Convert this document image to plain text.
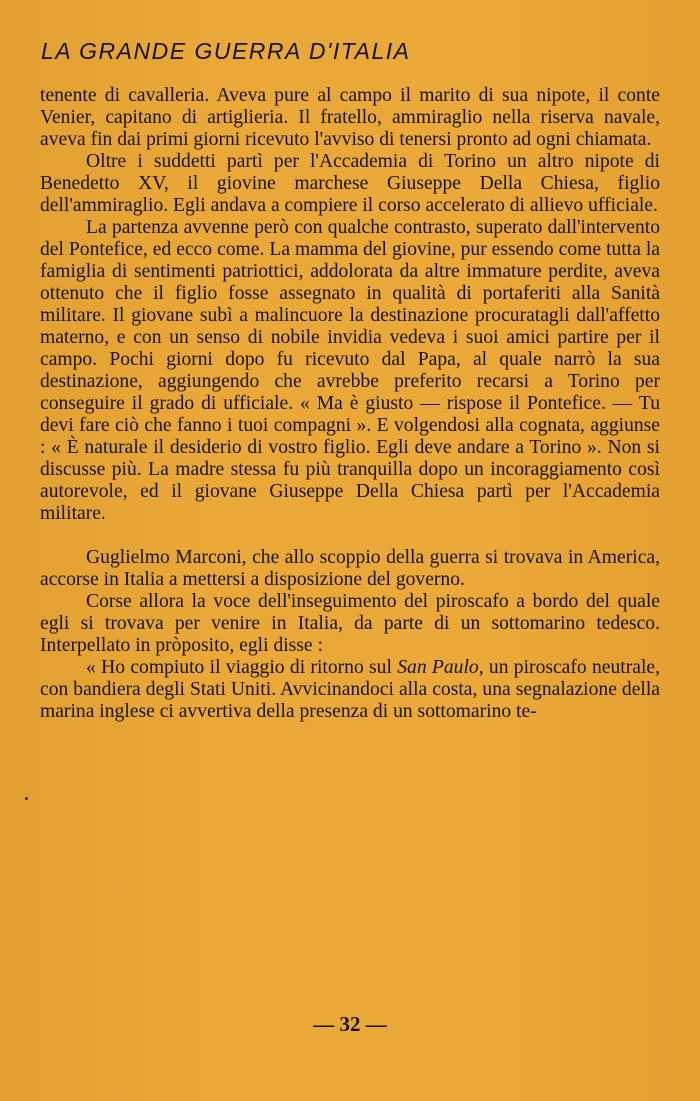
LA GRANDE GUERRA D'ITALIA

tenente di cavalleria. Aveva pure al campo il marito di sua nipote, il conte Venier, capitano di artiglieria. Il fratello, ammiraglio nella riserva navale, aveva fin dai primi giorni ricevuto l'avviso di tenersi pronto ad ogni chiamata.

Oltre i suddetti partì per l'Accademia di Torino un altro nipote di Benedetto XV, il giovine marchese Giuseppe Della Chiesa, figlio dell'ammiraglio. Egli andava a compiere il corso accelerato di allievo ufficiale.

La partenza avvenne però con qualche contrasto, superato dall'intervento del Pontefice, ed ecco come. La mamma del giovine, pur essendo come tutta la famiglia di sentimenti patriottici, addolorata da altre immature perdite, aveva ottenuto che il figlio fosse assegnato in qualità di portaferiti alla Sanità militare. Il giovane subì a malincuore la destinazione procuratagli dall'affetto materno, e con un senso di nobile invidia vedeva i suoi amici partire per il campo. Pochi giorni dopo fu ricevuto dal Papa, al quale narrò la sua destinazione, aggiungendo che avrebbe preferito recarsi a Torino per conseguire il grado di ufficiale. « Ma è giusto — rispose il Pontefice. — Tu devi fare ciò che fanno i tuoi compagni ». E volgendosi alla cognata, aggiunse : « È naturale il desiderio di vostro figlio. Egli deve andare a Torino ». Non si discusse più. La madre stessa fu più tranquilla dopo un incoraggiamento così autorevole, ed il giovane Giuseppe Della Chiesa partì per l'Accademia militare.

Guglielmo Marconi, che allo scoppio della guerra si trovava in America, accorse in Italia a mettersi a disposizione del governo.

Corse allora la voce dell'inseguimento del piroscafo a bordo del quale egli si trovava per venire in Italia, da parte di un sottomarino tedesco. Interpellato in pròposito, egli disse :

« Ho compiuto il viaggio di ritorno sul San Paulo, un piroscafo neutrale, con bandiera degli Stati Uniti. Avvicinandoci alla costa, una segnalazione della marina inglese ci avvertiva della presenza di un sottomarino te-

— 32 —
